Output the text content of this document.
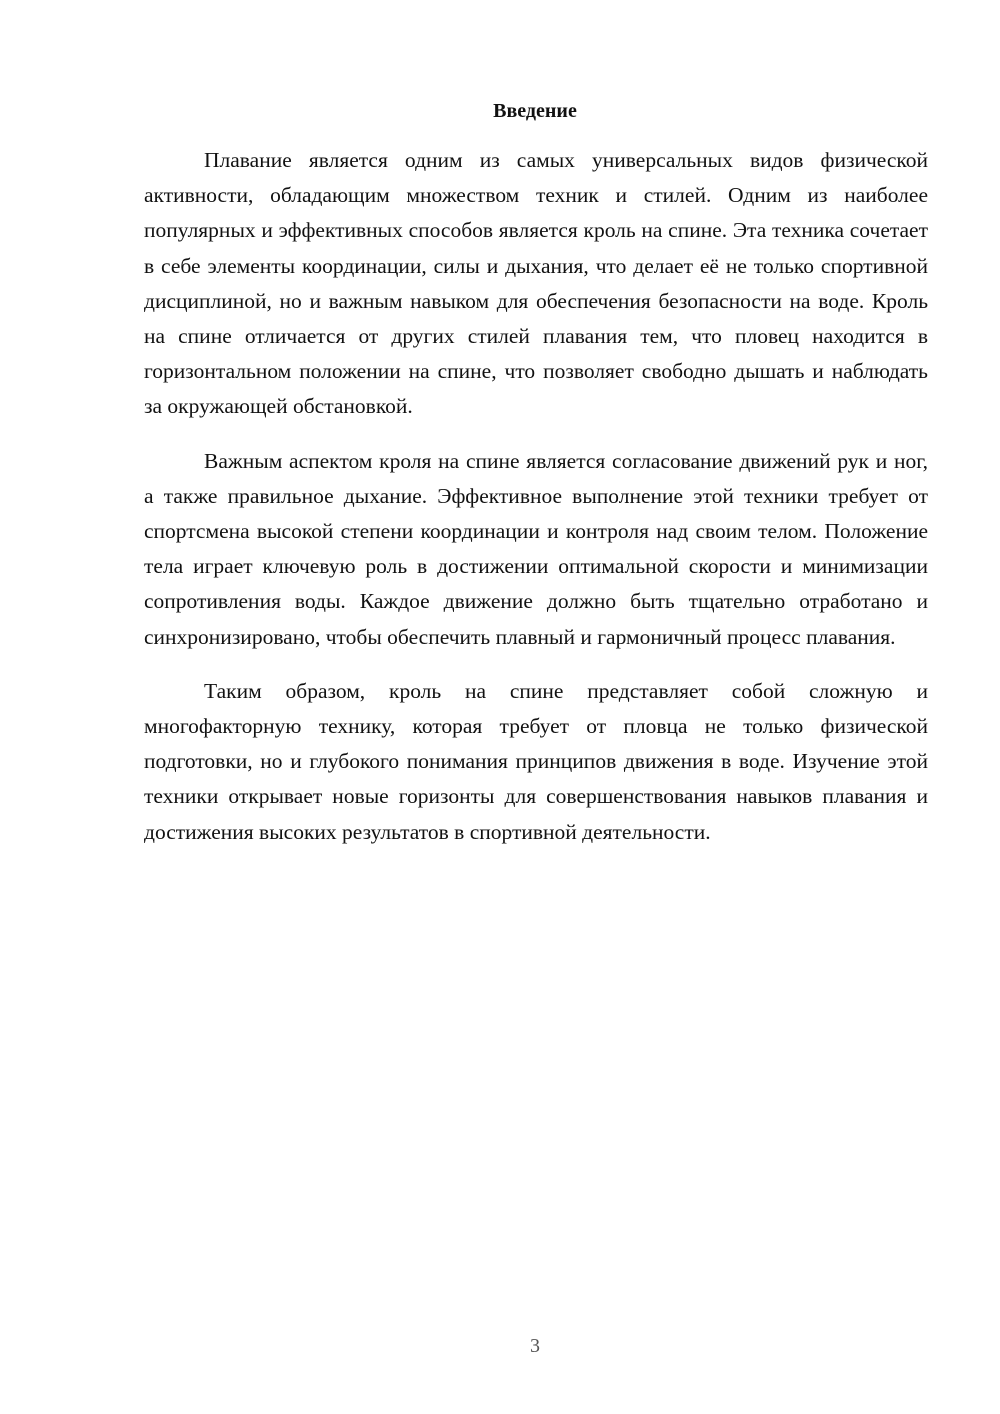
Введение

Плавание является одним из самых универсальных видов физической активности, обладающим множеством техник и стилей. Одним из наиболее популярных и эффективных способов является кроль на спине. Эта техника сочетает в себе элементы координации, силы и дыхания, что делает её не только спортивной дисциплиной, но и важным навыком для обеспечения безопасности на воде. Кроль на спине отличается от других стилей плавания тем, что пловец находится в горизонтальном положении на спине, что позволяет свободно дышать и наблюдать за окружающей обстановкой.

Важным аспектом кроля на спине является согласование движений рук и ног, а также правильное дыхание. Эффективное выполнение этой техники требует от спортсмена высокой степени координации и контроля над своим телом. Положение тела играет ключевую роль в достижении оптимальной скорости и минимизации сопротивления воды. Каждое движение должно быть тщательно отработано и синхронизировано, чтобы обеспечить плавный и гармоничный процесс плавания.

Таким образом, кроль на спине представляет собой сложную и многофакторную технику, которая требует от пловца не только физической подготовки, но и глубокого понимания принципов движения в воде. Изучение этой техники открывает новые горизонты для совершенствования навыков плавания и достижения высоких результатов в спортивной деятельности.

3
